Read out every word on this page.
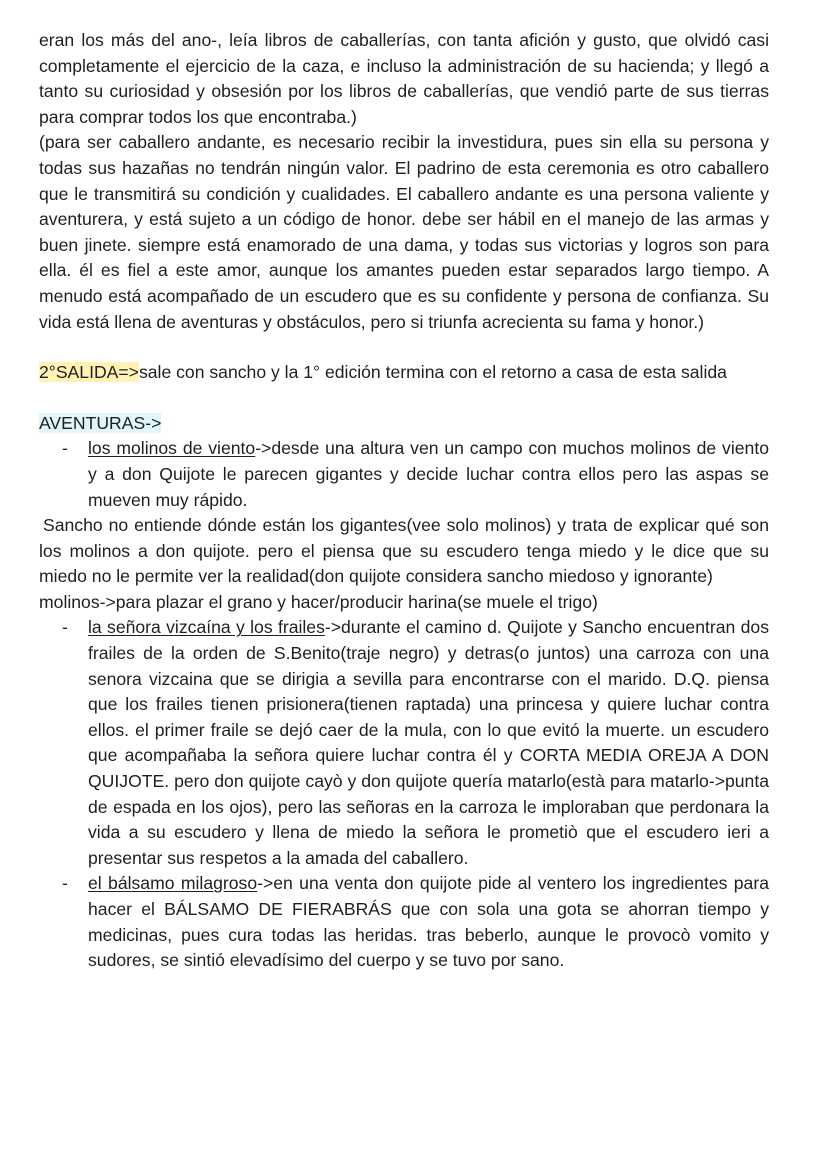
eran los más del ano-, leía libros de caballerías, con tanta afición y gusto, que olvidó casi completamente el ejercicio de la caza, e incluso la administración de su hacienda; y llegó a tanto su curiosidad y obsesión por los libros de caballerías, que vendió parte de sus tierras para comprar todos los que encontraba.)

(para ser caballero andante, es necesario recibir la investidura, pues sin ella su persona y todas sus hazañas no tendrán ningún valor. El padrino de esta ceremonia es otro caballero que le transmitirá su condición y cualidades. El caballero andante es una persona valiente y aventurera, y está sujeto a un código de honor. debe ser hábil en el manejo de las armas y buen jinete. siempre está enamorado de una dama, y todas sus victorias y logros son para ella. él es fiel a este amor, aunque los amantes pueden estar separados largo tiempo. A menudo está acompañado de un escudero que es su confidente y persona de confianza. Su vida está llena de aventuras y obstáculos, pero si triunfa acrecienta su fama y honor.)

2°SALIDA=>sale con sancho y la 1° edición termina con el retorno a casa de esta salida

AVENTURAS->

- los molinos de viento->desde una altura ven un campo con muchos molinos de viento y a don Quijote le parecen gigantes y decide luchar contra ellos pero las aspas se mueven muy rápido.

Sancho no entiende dónde están los gigantes(vee solo molinos) y trata de explicar qué son los molinos a don quijote. pero el piensa que su escudero tenga miedo y le dice que su miedo no le permite ver la realidad(don quijote considera sancho miedoso y ignorante)

molinos->para plazar el grano y hacer/producir harina(se muele el trigo)

- la señora vizcaína y los frailes->durante el camino d. Quijote y Sancho encuentran dos frailes de la orden de S.Benito(traje negro) y detras(o juntos) una carroza con una senora vizcaina que se dirigia a sevilla para encontrarse con el marido. D.Q. piensa que los frailes tienen prisionera(tienen raptada) una princesa y quiere luchar contra ellos. el primer fraile se dejó caer de la mula, con lo que evitó la muerte. un escudero que acompañaba la señora quiere luchar contra él y CORTA MEDIA OREJA A DON QUIJOTE. pero don quijote cayò y don quijote quería matarlo(està para matarlo->punta de espada en los ojos), pero las señoras en la carroza le imploraban que perdonara la vida a su escudero y llena de miedo la señora le prometiò que el escudero ieri a presentar sus respetos a la amada del caballero.
- el bálsamo milagroso->en una venta don quijote pide al ventero los ingredientes para hacer el BÁLSAMO DE FIERABRÁS que con sola una gota se ahorran tiempo y medicinas, pues cura todas las heridas. tras beberlo, aunque le provocò vomito y sudores, se sintió elevadísimo del cuerpo y se tuvo por sano.
